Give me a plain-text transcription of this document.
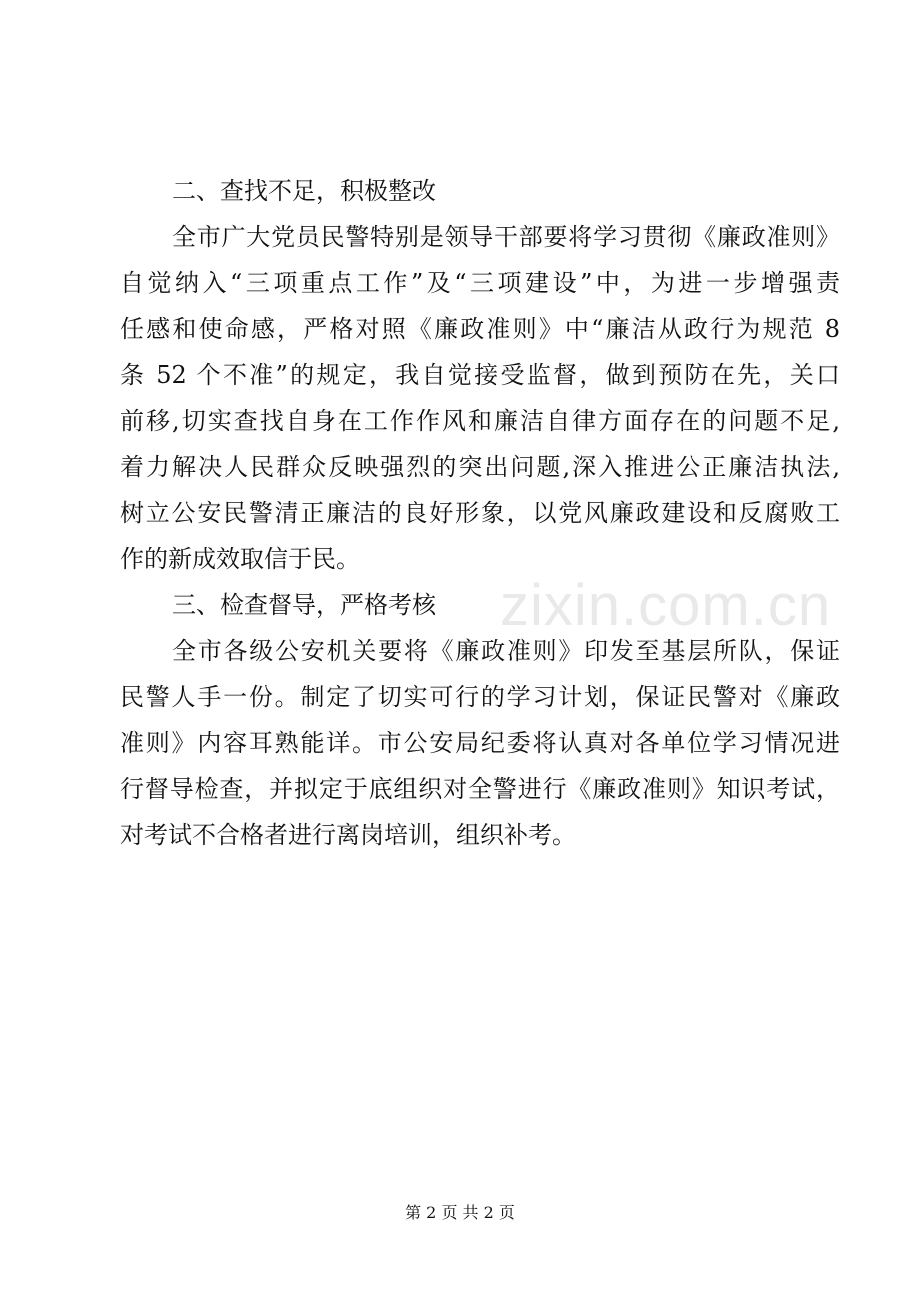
zixin.com.cn
二、查找不足，积极整改
全市广大党员民警特别是领导干部要将学习贯彻《廉政准则》
自觉纳入“三项重点工作”及“三项建设”中，为进一步增强责
任感和使命感，严格对照《廉政准则》中“廉洁从政行为规范 8
条 52 个不准”的规定，我自觉接受监督，做到预防在先，关口
前移,切实查找自身在工作作风和廉洁自律方面存在的问题不足,
着力解决人民群众反映强烈的突出问题,深入推进公正廉洁执法,
树立公安民警清正廉洁的良好形象，以党风廉政建设和反腐败工
作的新成效取信于民。
三、检查督导，严格考核
全市各级公安机关要将《廉政准则》印发至基层所队，保证
民警人手一份。制定了切实可行的学习计划，保证民警对《廉政
准则》内容耳熟能详。市公安局纪委将认真对各单位学习情况进
行督导检查，并拟定于底组织对全警进行《廉政准则》知识考试，
对考试不合格者进行离岗培训，组织补考。
第 2 页 共 2 页
